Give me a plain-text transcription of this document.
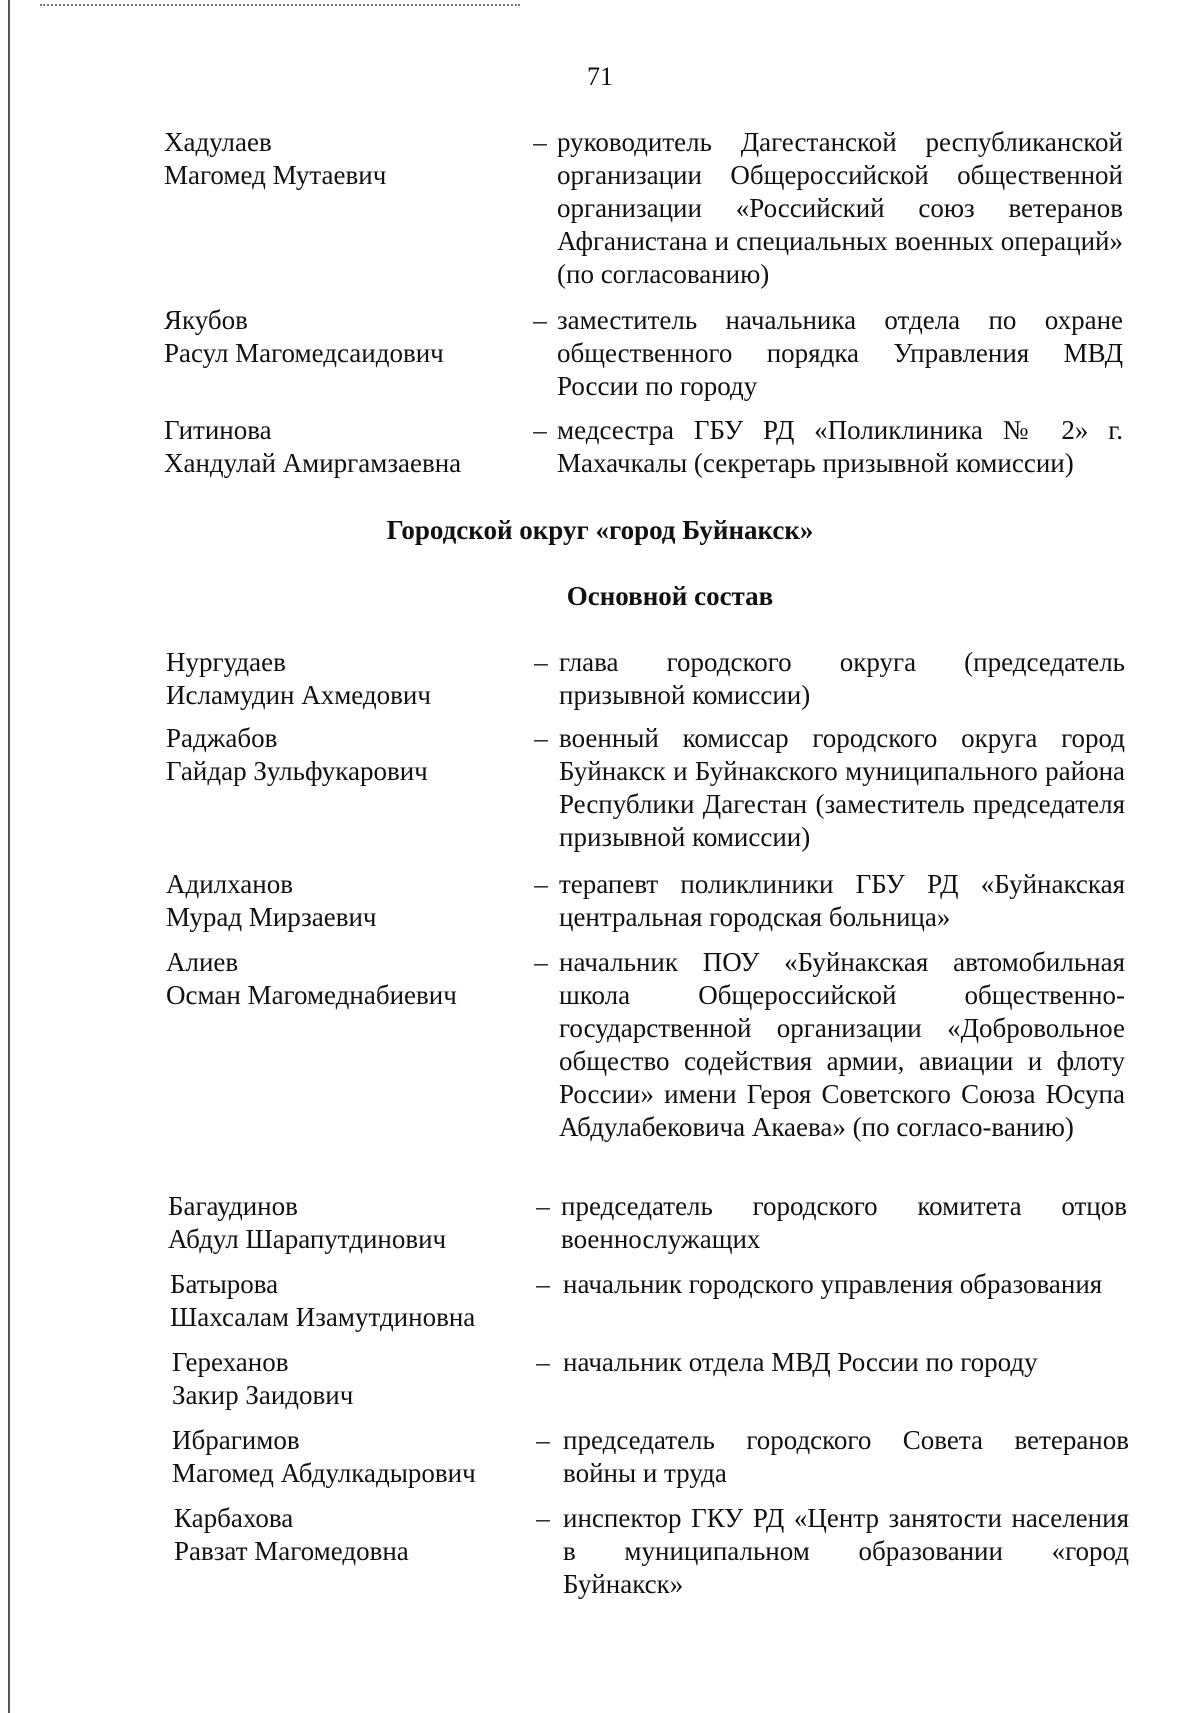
71
Хадулаев
Магомед Мутаевич
– руководитель Дагестанской республиканской организации Общероссийской общественной организации «Российский союз ветеранов Афганистана и специальных военных операций» (по согласованию)
Якубов
Расул Магомедсаидович
– заместитель начальника отдела по охране общественного порядка Управления МВД России по городу
Гитинова
Хандулай Амиргамзаевна
– медсестра ГБУ РД «Поликлиника № 2» г. Махачкалы (секретарь призывной комиссии)
Городской округ «город Буйнакск»
Основной состав
Нургудаев
Исламудин Ахмедович
– глава городского округа (председатель призывной комиссии)
Раджабов
Гайдар Зульфукарович
– военный комиссар городского округа город Буйнакск и Буйнакского муниципального района Республики Дагестан (заместитель председателя призывной комиссии)
Адилханов
Мурад Мирзаевич
– терапевт поликлиники ГБУ РД «Буйнакская центральная городская больница»
Алиев
Осман Магомеднабиевич
– начальник ПОУ «Буйнакская автомобильная школа Общероссийской общественно-государственной организации «Добровольное общество содействия армии, авиации и флоту России» имени Героя Советского Союза Юсупа Абдулабековича Акаева» (по согласо-ванию)
Багаудинов
Абдул Шарапутдинович
– председатель городского комитета отцов военнослужащих
Батырова
Шахсалам Изамутдиновна
– начальник городского управления образования
Гереханов
Закир Заидович
– начальник отдела МВД России по городу
Ибрагимов
Магомед Абдулкадырович
– председатель городского Совета ветеранов войны и труда
Карбахова
Равзат Магомедовна
– инспектор ГКУ РД «Центр занятости населения в муниципальном образовании «город Буйнакск»
